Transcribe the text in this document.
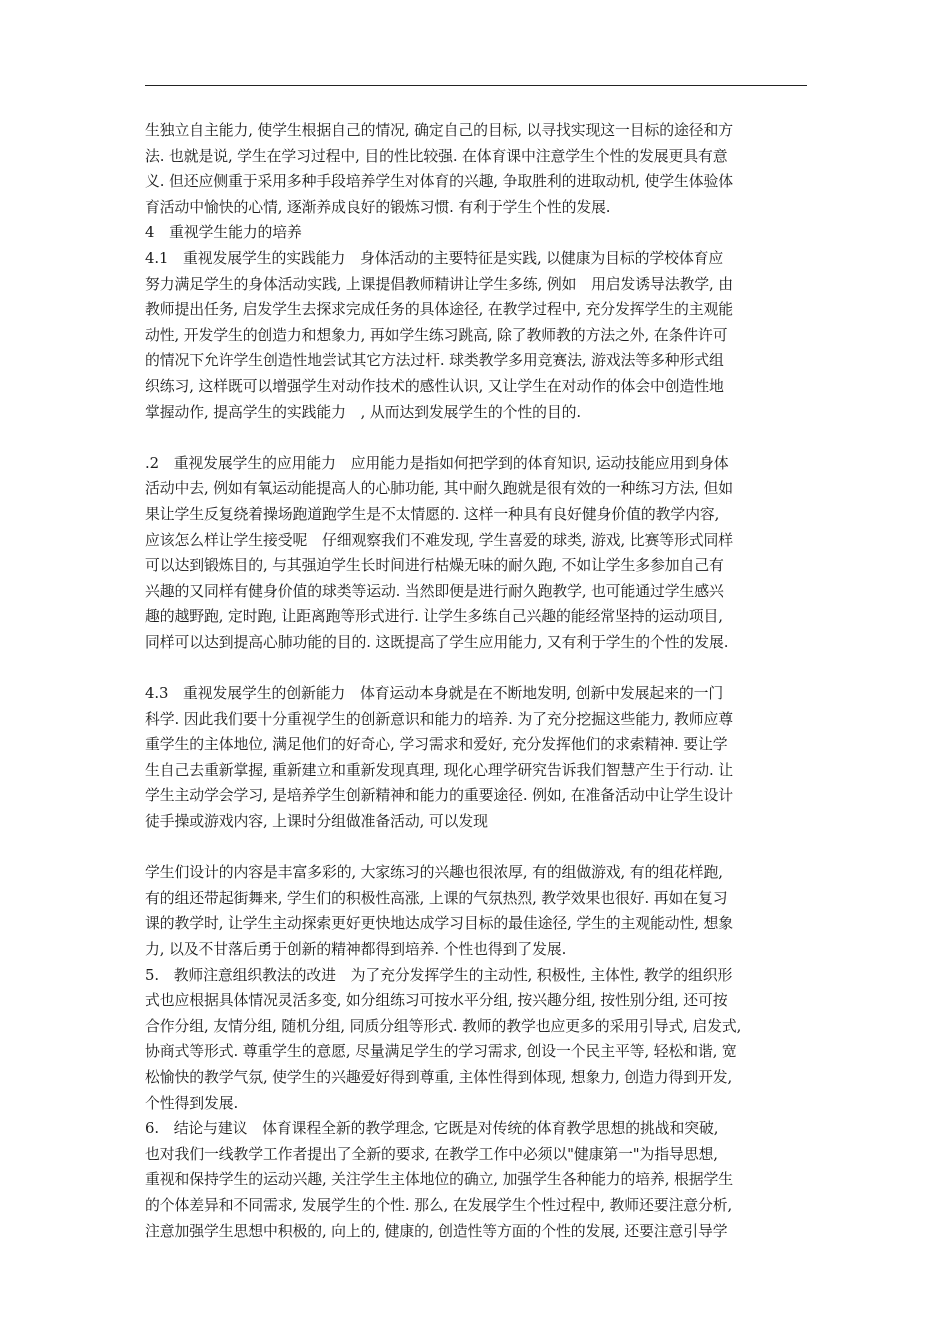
生独立自主能力, 使学生根据自己的情况, 确定自己的目标, 以寻找实现这一目标的途径和方
法. 也就是说, 学生在学习过程中, 目的性比较强. 在体育课中注意学生个性的发展更具有意
义. 但还应侧重于采用多种手段培养学生对体育的兴趣, 争取胜利的进取动机, 使学生体验体
育活动中愉快的心情, 逐渐养成良好的锻炼习惯. 有利于学生个性的发展.
4　重视学生能力的培养
4.1　重视发展学生的实践能力　身体活动的主要特征是实践, 以健康为目标的学校体育应
努力满足学生的身体活动实践, 上课提倡教师精讲让学生多练, 例如　用启发诱导法教学, 由
教师提出任务, 启发学生去探求完成任务的具体途径, 在教学过程中, 充分发挥学生的主观能
动性, 开发学生的创造力和想象力, 再如学生练习跳高, 除了教师教的方法之外, 在条件许可
的情况下允许学生创造性地尝试其它方法过杆. 球类教学多用竞赛法, 游戏法等多种形式组
织练习, 这样既可以增强学生对动作技术的感性认识, 又让学生在对动作的体会中创造性地
掌握动作, 提高学生的实践能力　, 从而达到发展学生的个性的目的.
.2　重视发展学生的应用能力　应用能力是指如何把学到的体育知识, 运动技能应用到身体
活动中去, 例如有氧运动能提高人的心肺功能, 其中耐久跑就是很有效的一种练习方法, 但如
果让学生反复绕着操场跑道跑学生是不太情愿的. 这样一种具有良好健身价值的教学内容,
应该怎么样让学生接受呢　仔细观察我们不难发现, 学生喜爱的球类, 游戏, 比赛等形式同样
可以达到锻炼目的, 与其强迫学生长时间进行枯燥无味的耐久跑, 不如让学生多参加自己有
兴趣的又同样有健身价值的球类等运动. 当然即便是进行耐久跑教学, 也可能通过学生感兴
趣的越野跑, 定时跑, 让距离跑等形式进行. 让学生多练自己兴趣的能经常坚持的运动项目,
同样可以达到提高心肺功能的目的. 这既提高了学生应用能力, 又有利于学生的个性的发展.
4.3　重视发展学生的创新能力　体育运动本身就是在不断地发明, 创新中发展起来的一门
科学. 因此我们要十分重视学生的创新意识和能力的培养. 为了充分挖掘这些能力, 教师应尊
重学生的主体地位, 满足他们的好奇心, 学习需求和爱好, 充分发挥他们的求索精神. 要让学
生自己去重新掌握, 重新建立和重新发现真理, 现化心理学研究告诉我们智慧产生于行动. 让
学生主动学会学习, 是培养学生创新精神和能力的重要途径. 例如, 在准备活动中让学生设计
徒手操或游戏内容, 上课时分组做准备活动, 可以发现
学生们设计的内容是丰富多彩的, 大家练习的兴趣也很浓厚, 有的组做游戏, 有的组花样跑,
有的组还带起街舞来, 学生们的积极性高涨, 上课的气氛热烈, 教学效果也很好. 再如在复习
课的教学时, 让学生主动探索更好更快地达成学习目标的最佳途径, 学生的主观能动性, 想象
力, 以及不甘落后勇于创新的精神都得到培养. 个性也得到了发展.
5.　教师注意组织教法的改进　为了充分发挥学生的主动性, 积极性, 主体性, 教学的组织形
式也应根据具体情况灵活多变, 如分组练习可按水平分组, 按兴趣分组, 按性别分组, 还可按
合作分组, 友情分组, 随机分组, 同质分组等形式. 教师的教学也应更多的采用引导式, 启发式,
协商式等形式. 尊重学生的意愿, 尽量满足学生的学习需求, 创设一个民主平等, 轻松和谐, 宽
松愉快的教学气氛, 使学生的兴趣爱好得到尊重, 主体性得到体现, 想象力, 创造力得到开发,
个性得到发展.
6.　结论与建议　体育课程全新的教学理念, 它既是对传统的体育教学思想的挑战和突破,
也对我们一线教学工作者提出了全新的要求, 在教学工作中必须以"健康第一"为指导思想,
重视和保持学生的运动兴趣, 关注学生主体地位的确立, 加强学生各种能力的培养, 根据学生
的个体差异和不同需求, 发展学生的个性. 那么, 在发展学生个性过程中, 教师还要注意分析,
注意加强学生思想中积极的, 向上的, 健康的, 创造性等方面的个性的发展, 还要注意引导学
